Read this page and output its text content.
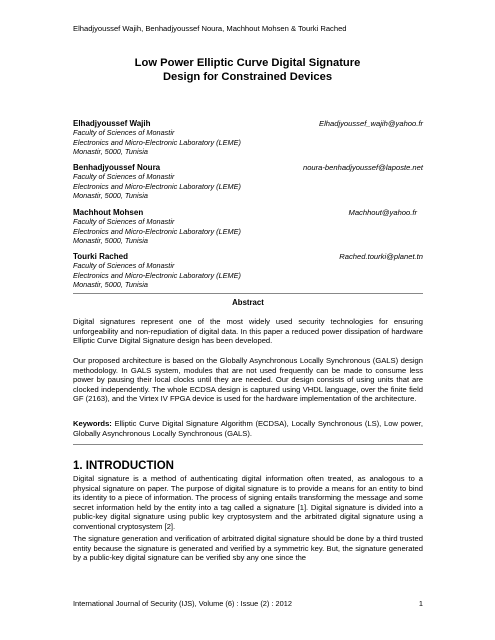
Elhadjyoussef Wajih, Benhadjyoussef Noura, Machhout Mohsen & Tourki Rached
Low Power Elliptic Curve Digital Signature
Design for Constrained Devices
Elhadjyoussef Wajih	Elhadjyoussef_wajih@yahoo.fr
Faculty of Sciences of Monastir
Electronics and Micro-Electronic Laboratory (LEME)
Monastir, 5000, Tunisia
Benhadjyoussef Noura	noura-benhadjyoussef@laposte.net
Faculty of Sciences of Monastir
Electronics and Micro-Electronic Laboratory (LEME)
Monastir, 5000, Tunisia
Machhout Mohsen	Machhout@yahoo.fr
Faculty of Sciences of Monastir
Electronics and Micro-Electronic Laboratory (LEME)
Monastir, 5000, Tunisia
Tourki Rached	Rached.tourki@planet.tn
Faculty of Sciences of Monastir
Electronics and Micro-Electronic Laboratory (LEME)
Monastir, 5000, Tunisia
Abstract

Digital signatures represent one of the most widely used security technologies for ensuring unforgeability and non-repudiation of digital data. In this paper a reduced power dissipation of hardware Elliptic Curve Digital Signature design has been developed.

Our proposed architecture is based on the Globally Asynchronous Locally Synchronous (GALS) design methodology. In GALS system, modules that are not used frequently can be made to consume less power by pausing their local clocks until they are needed. Our design consists of using units that are clocked independently. The whole ECDSA design is captured using VHDL language, over the finite field GF (2163), and the Virtex IV FPGA device is used for the hardware implementation of the architecture.

Keywords: Elliptic Curve Digital Signature Algorithm (ECDSA), Locally Synchronous (LS), Low power, Globally Asynchronous Locally Synchronous (GALS).

1. INTRODUCTION

Digital signature is a method of authenticating digital information often treated, as analogous to a physical signature on paper. The purpose of digital signature is to provide a means for an entity to bind its identity to a piece of information. The process of signing entails transforming the message and some secret information held by the entity into a tag called a signature [1]. Digital signature is divided into a public-key digital signature using public key cryptosystem and the arbitrated digital signature using a conventional cryptosystem [2].

The signature generation and verification of arbitrated digital signature should be done by a third trusted entity because the signature is generated and verified by a symmetric key. But, the signature generated by a public-key digital signature can be verified sby any one since the

International Journal of Security (IJS), Volume (6) : Issue (2) : 2012	1
